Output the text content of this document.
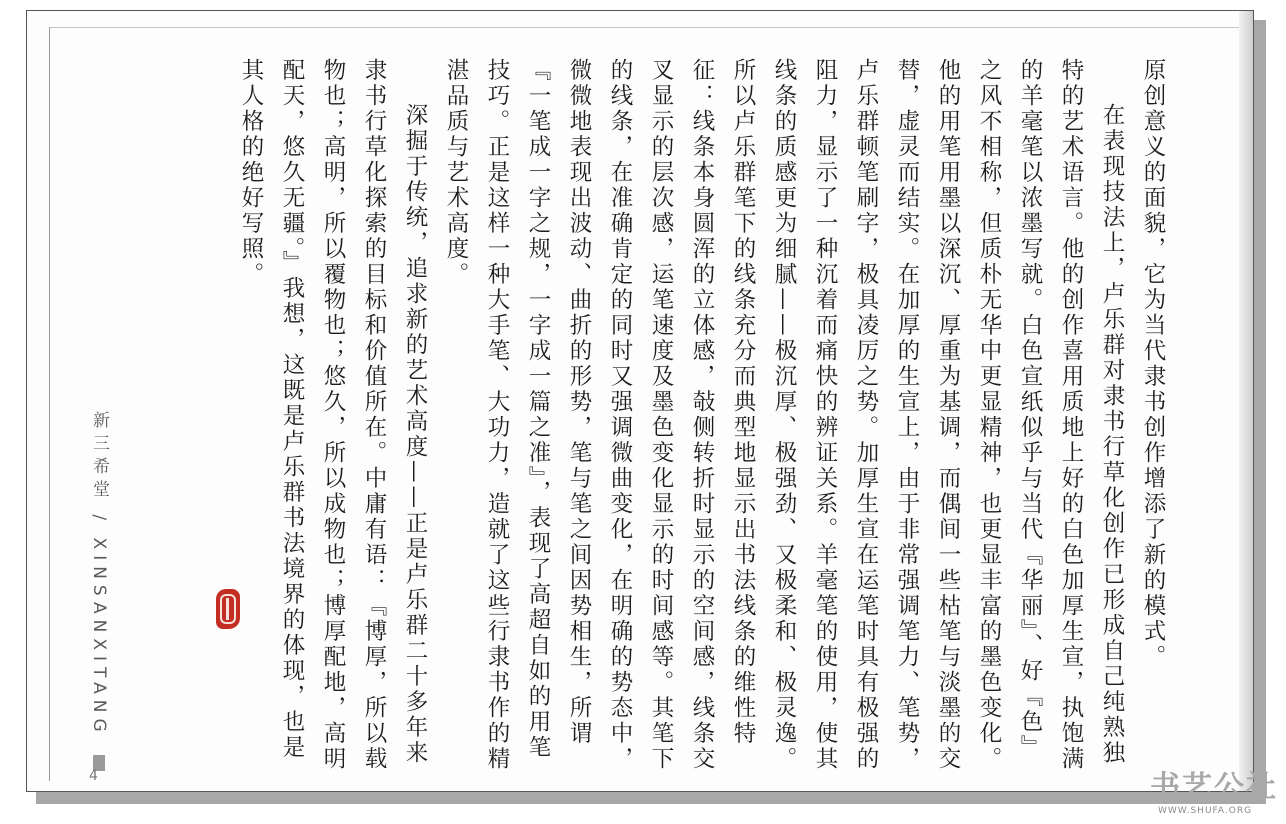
原创意义的面貌，它为当代隶书创作增添了新的模式。

在表现技法上，卢乐群对隶书行草化创作已形成自己纯熟独特的艺术语言。他的创作喜用质地上好的白色加厚生宣，执饱满的羊毫笔以浓墨写就。白色宣纸似乎与当代『华丽』、好『色』之风不相称，但质朴无华中更显精神，也更显丰富的墨色变化。他的用笔用墨以深沉、厚重为基调，而偶间一些枯笔与淡墨的交替，虚灵而结实。在加厚的生宣上，由于非常强调笔力、笔势，卢乐群顿笔刷字，极具凌厉之势。加厚生宣在运笔时具有极强的阻力，显示了一种沉着而痛快的辨证关系。羊毫笔的使用，使其线条的质感更为细腻——极沉厚、极强劲、又极柔和、极灵逸。所以卢乐群笔下的线条充分而典型地显示出书法线条的维性特征：线条本身圆浑的立体感，敧侧转折时显示的空间感，线条交叉显示的层次感，运笔速度及墨色变化显示的时间感等。其笔下的线条，在准确肯定的同时又强调微曲变化，在明确的势态中，微微地表现出波动、曲折的形势，笔与笔之间因势相生，所谓『一笔成一字之规，一字成一篇之准』，表现了高超自如的用笔技巧。正是这样一种大手笔、大功力，造就了这些行隶书作的精湛品质与艺术高度。

深掘于传统，追求新的艺术高度——正是卢乐群二十多年来隶书行草化探索的目标和价值所在。中庸有语：『博厚，所以载物也；高明，所以覆物也；悠久，所以成物也；博厚配地，高明配天，悠久无疆。』我想，这既是卢乐群书法境界的体现，也是其人格的绝好写照。

新三希堂 / XINSANXITANG
4	书艺公社
WWW.SHUFA.ORG
